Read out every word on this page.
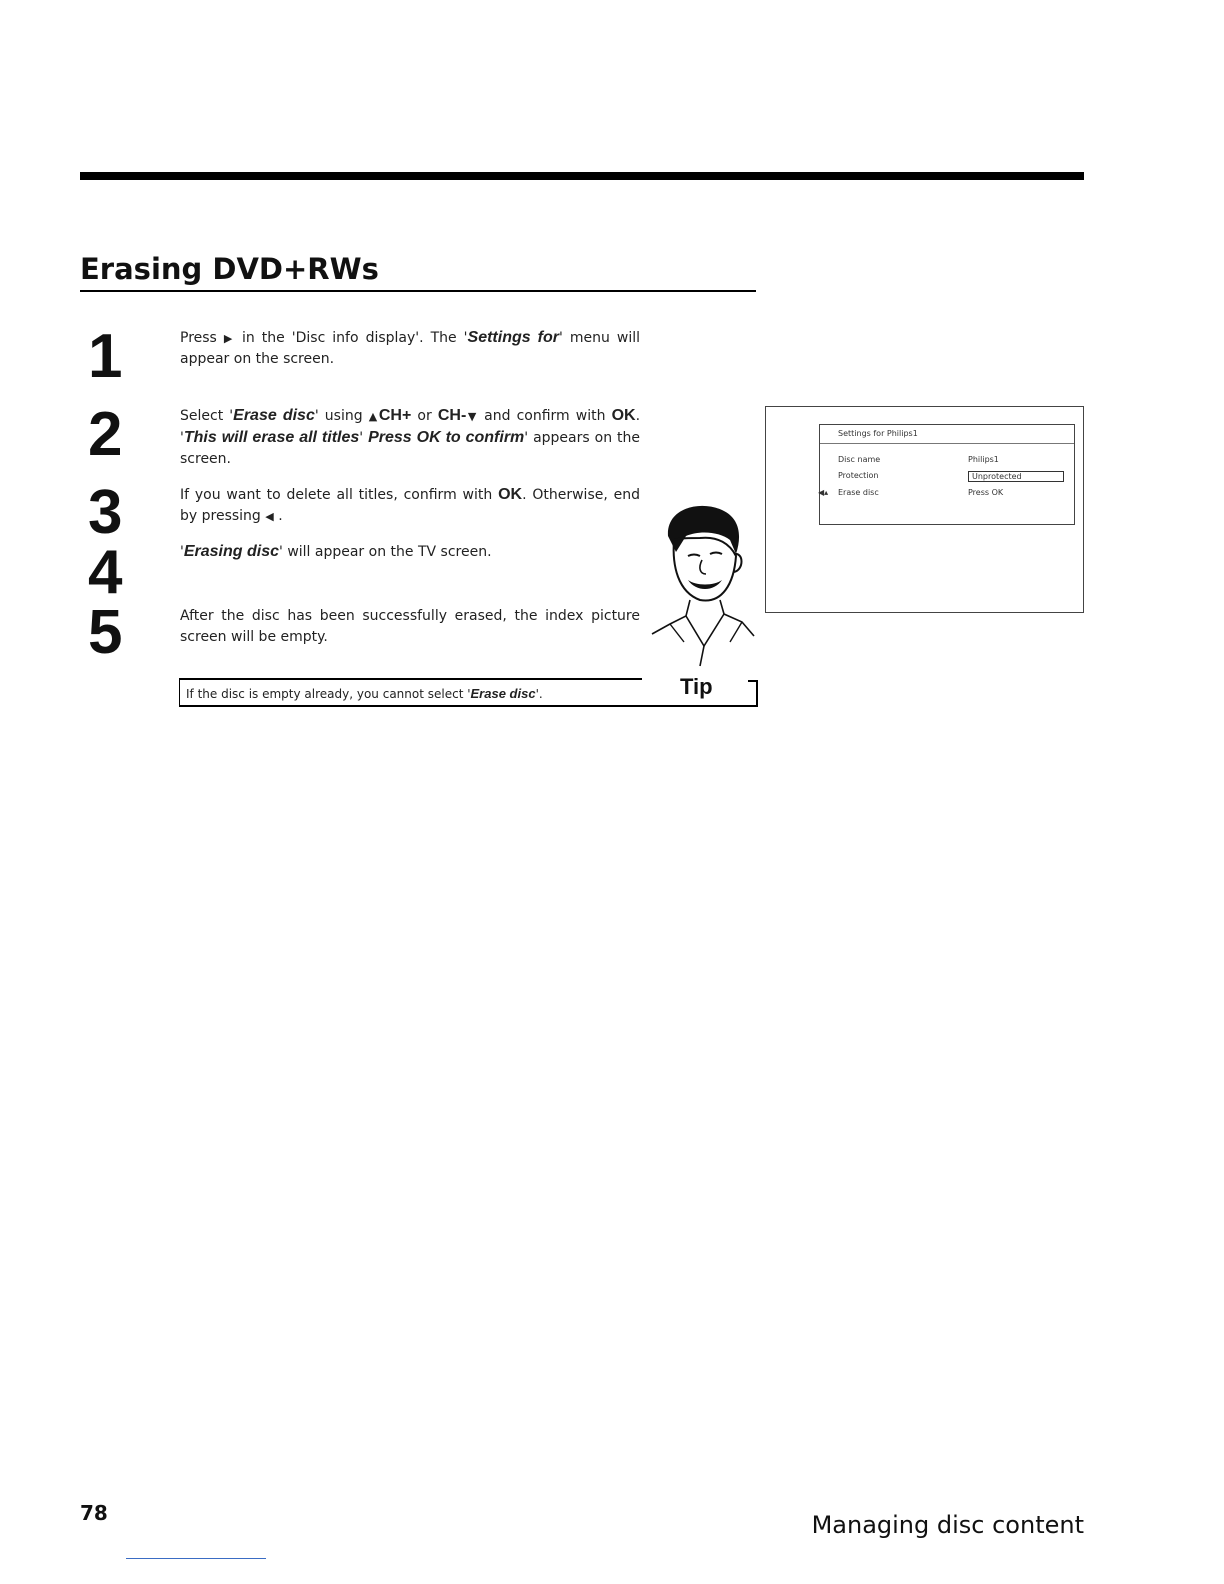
Erasing DVD+RWs
1
2
3
4
5
Press ▶ in the 'Disc info display'. The 'Settings for' menu will appear on the screen.
Select 'Erase disc' using ▲CH+ or CH-▼ and confirm with OK. 'This will erase all titles' Press OK to confirm' appears on the screen.
If you want to delete all titles, confirm with OK. Otherwise, end by pressing ◀ .
'Erasing disc' will appear on the TV screen.
After the disc has been successfully erased, the index picture screen will be empty.
If the disc is empty already, you cannot select 'Erase disc'.	Tip
Settings for Philips1
Disc name	Philips1
Protection	Unprotected
◀▴ Erase disc	Press OK
78	Managing disc content
